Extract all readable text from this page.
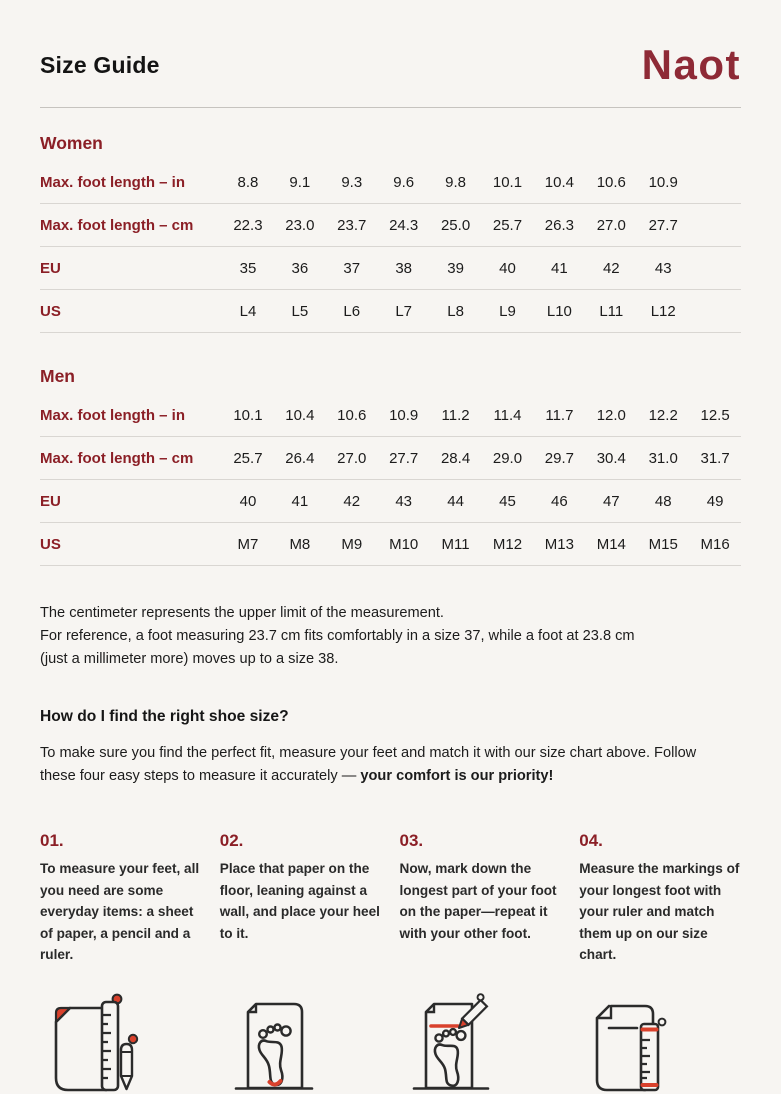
Size Guide	Naot
Women
Max. foot length – in	8.8	9.1	9.3	9.6	9.8	10.1	10.4	10.6	10.9
Max. foot length – cm	22.3	23.0	23.7	24.3	25.0	25.7	26.3	27.0	27.7
EU	35	36	37	38	39	40	41	42	43
US	L4	L5	L6	L7	L8	L9	L10	L11	L12
Men
Max. foot length – in	10.1	10.4	10.6	10.9	11.2	11.4	11.7	12.0	12.2	12.5
Max. foot length – cm	25.7	26.4	27.0	27.7	28.4	29.0	29.7	30.4	31.0	31.7
EU	40	41	42	43	44	45	46	47	48	49
US	M7	M8	M9	M10	M11	M12	M13	M14	M15	M16
The centimeter represents the upper limit of the measurement.
For reference, a foot measuring 23.7 cm fits comfortably in a size 37, while a foot at 23.8 cm
(just a millimeter more) moves up to a size 38.
How do I find the right shoe size?

To make sure you find the perfect fit, measure your feet and match it with our size chart above. Follow these four easy steps to measure it accurately — your comfort is our priority!

01.
To measure your feet, all you need are some everyday items: a sheet of paper, a pencil and a ruler.
02.
Place that paper on the floor, leaning against a wall, and place your heel to it.
03.
Now, mark down the longest part of your foot on the paper—repeat it with your other foot.
04.
Measure the markings of your longest foot with your ruler and match them up on our size chart.
